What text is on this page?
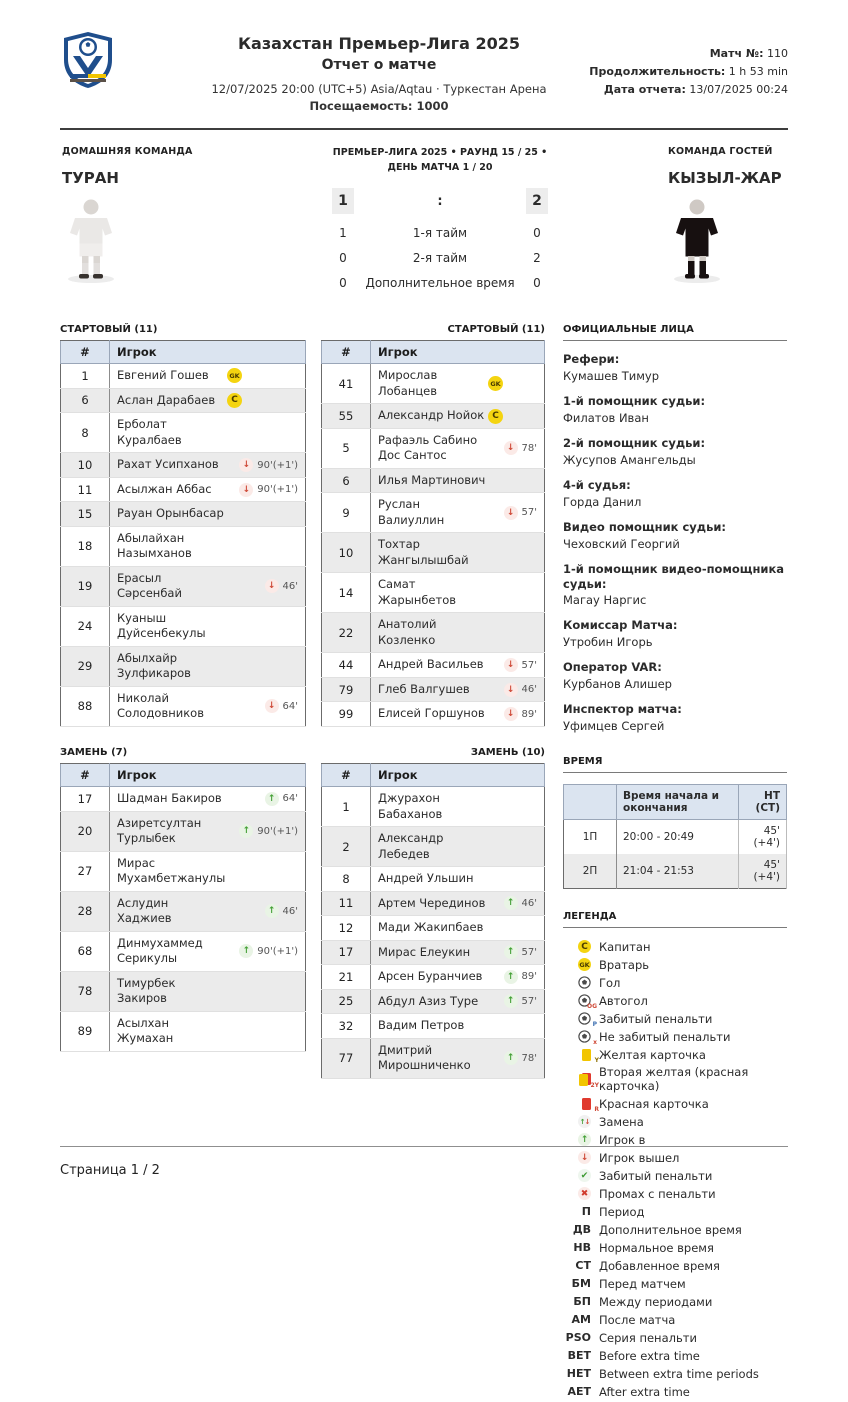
Казахстан Премьер-Лига 2025
Отчет о матче
12/07/2025 20:00 (UTC+5) Asia/Aqtau · Туркестан Арена
Посещаемость: 1000
Матч №: 110
Продолжительность: 1 h 53 min
Дата отчета: 13/07/2025 00:24
ДОМАШНЯЯ КОМАНДА
ТУРАН
ПРЕМЬЕР-ЛИГА 2025 • РАУНД 15 / 25 • ДЕНЬ МАТЧА 1 / 20
1	:	2
1	1-я тайм	0
0	2-я тайм	2
0	Дополнительное время	0
КОМАНДА ГОСТЕЙ
КЫЗЫЛ-ЖАР
СТАРТОВЫЙ (11)
#	Игрок
1	Евгений Гошев GK

6	Аслан Дарабаев C

8	Ерболат Куралбаев

10	Рахат Усипханов ↓ 90'(+1')

11	Асылжан Аббас ↓ 90'(+1')

15	Рауан Орынбасар

18	Абылайхан Назымханов

19	Ерасыл Сәрсенбай ↓ 46'

24	Куаныш Дуйсенбекулы

29	Абылхайр Зулфикаров

88	Николай Солодовников ↓ 64'
СТАРТОВЫЙ (11)
#	Игрок
41	Мирослав Лобанцев GK

55	Александр Нойок C

5	Рафаэль Сабино Дос Сантос ↓ 78'

6	Илья Мартинович

9	Руслан Валиуллин ↓ 57'

10	Тохтар Жангылышбай

14	Самат Жарынбетов

22	Анатолий Козленко

44	Андрей Васильев ↓ 57'

79	Глеб Валгушев ↓ 46'

99	Елисей Горшунов ↓ 89'
ЗАМЕНЬ (7)
#	Игрок
17	Шадман Бакиров ↑ 64'

20	Азиретсултан Турлыбек ↑ 90'(+1')

27	Мирас Мухамбетжанулы

28	Аслудин Хаджиев ↑ 46'

68	Динмухаммед Серикулы ↑ 90'(+1')

78	Тимурбек Закиров

89	Асылхан Жумахан
ЗАМЕНЬ (10)
#	Игрок
1	Джурахон Бабаханов

2	Александр Лебедев

8	Андрей Ульшин

11	Артем Черединов ↑ 46'

12	Мади Жакипбаев

17	Мирас Елеукин ↑ 57'

21	Арсен Буранчиев ↑ 89'

25	Абдул Азиз Туре ↑ 57'

32	Вадим Петров

77	Дмитрий Мирошниченко ↑ 78'
ОФИЦИАЛЬНЫЕ ЛИЦА
Рефери:
Кумашев Тимур
1-й помощник судьи:
Филатов Иван
2-й помощник судьи:
Жусупов Амангельды
4-й судья:
Горда Данил
Видео помощник судьи:
Чеховский Георгий
1-й помощник видео-помощника судьи:
Магау Наргис
Комиссар Матча:
Утробин Игорь
Оператор VAR:
Курбанов Алишер
Инспектор матча:
Уфимцев Сергей
ВРЕМЯ
	Время начала и окончания	НТ (СТ)
1П	20:00 - 20:49	45' (+4')
2П	21:04 - 21:53	45' (+4')
ЛЕГЕНДА
C Капитан
GK Вратарь
Гол
OG Автогол
P Забитый пенальти
x Не забитый пенальти
Y Желтая карточка
2Y
Вторая желтая (красная карточка)
R Красная карточка
↑ ↓ Замена
↑ Игрок в
↓ Игрок вышел
✔ Забитый пенальти
✖ Промах с пенальти
П Период
ДВ Дополнительное время
НВ Нормальное время
СТ Добавленное время
БМ Перед матчем
БП Между периодами
АМ После матча
PSO Серия пенальти
BET Before extra time
HET Between extra time periods
AET After extra time
Страница 1 / 2
